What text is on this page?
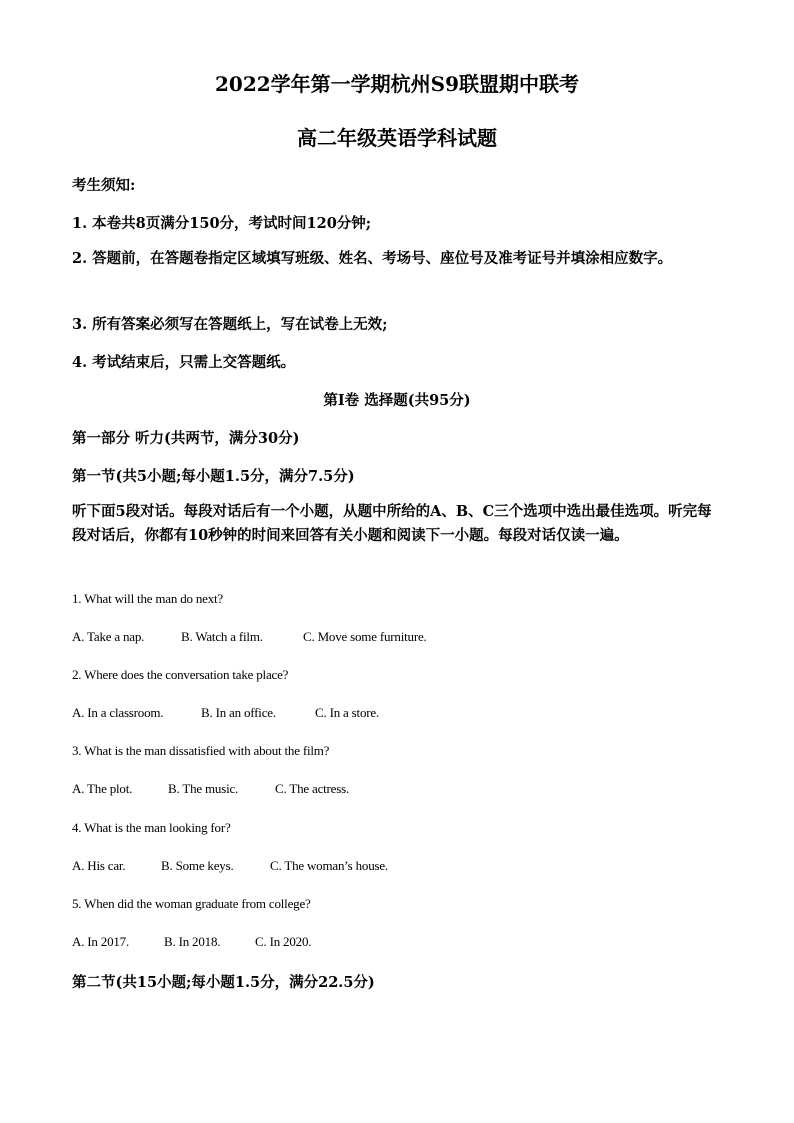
2022学年第一学期杭州S9联盟期中联考
高二年级英语学科试题
考生须知:
1. 本卷共8页满分150分，考试时间120分钟;
2. 答题前，在答题卷指定区域填写班级、姓名、考场号、座位号及准考证号并填涂相应数字。
3. 所有答案必须写在答题纸上，写在试卷上无效;
4. 考试结束后，只需上交答题纸。
第Ⅰ卷 选择题(共95分)
第一部分 听力(共两节，满分30分)
第一节(共5小题;每小题1.5分，满分7.5分)
听下面5段对话。每段对话后有一个小题，从题中所给的A、B、C三个选项中选出最佳选项。听完每段对话后，你都有10秒钟的时间来回答有关小题和阅读下一小题。每段对话仅读一遍。
1. What will the man do next?
A. Take a nap.	B. Watch a film.	C. Move some furniture.
2. Where does the conversation take place?
A. In a classroom.	B. In an office.	C. In a store.
3. What is the man dissatisfied with about the film?
A. The plot.	B. The music.	C. The actress.
4. What is the man looking for?
A. His car.	B. Some keys.	C. The woman’s house.
5. When did the woman graduate from college?
A. In 2017.	B. In 2018.	C. In 2020.
第二节(共15小题;每小题1.5分，满分22.5分)
